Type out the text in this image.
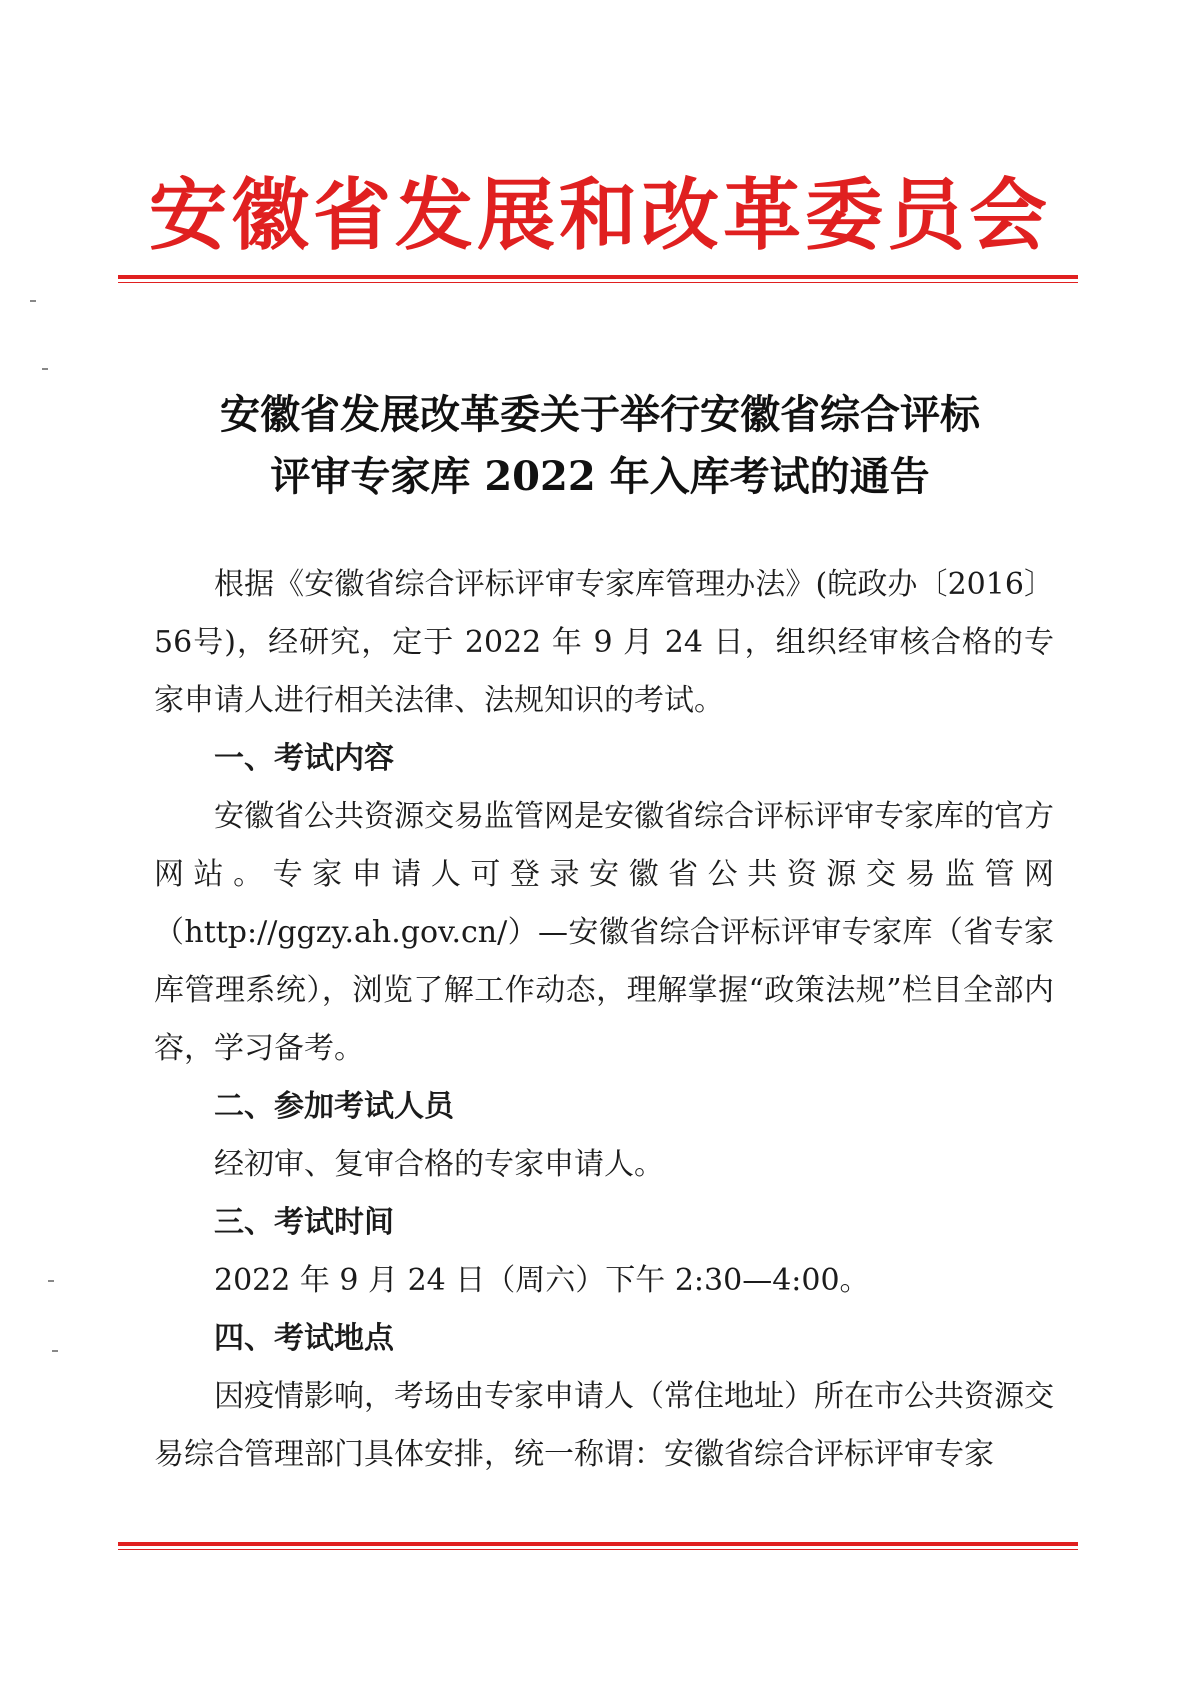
安徽省发展和改革委员会
安徽省发展改革委关于举行安徽省综合评标
评审专家库 2022 年入库考试的通告

根据《安徽省综合评标评审专家库管理办法》(皖政办〔2016〕56号)，经研究，定于 2022 年 9 月 24 日，组织经审核合格的专家申请人进行相关法律、法规知识的考试。

一、考试内容

安徽省公共资源交易监管网是安徽省综合评标评审专家库的官方网站。专家申请人可登录安徽省公共资源交易监管网（http://ggzy.ah.gov.cn/）—安徽省综合评标评审专家库（省专家库管理系统），浏览了解工作动态，理解掌握“政策法规”栏目全部内容，学习备考。

二、参加考试人员

经初审、复审合格的专家申请人。

三、考试时间

2022 年 9 月 24 日（周六）下午 2:30—4:00。

四、考试地点

因疫情影响，考场由专家申请人（常住地址）所在市公共资源交易综合管理部门具体安排，统一称谓：安徽省综合评标评审专家
